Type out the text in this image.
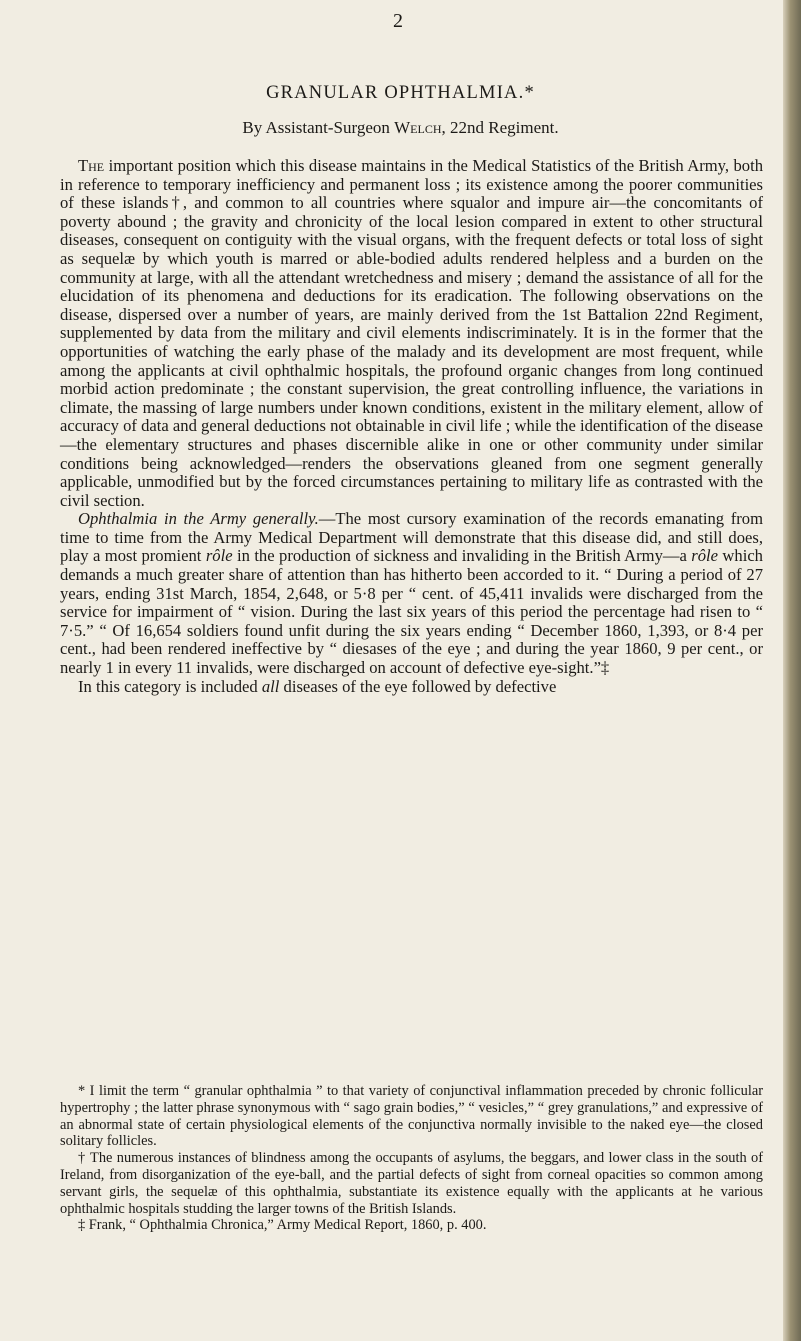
2
GRANULAR OPHTHALMIA.*
By Assistant-Surgeon Welch, 22nd Regiment.

The important position which this disease maintains in the Medical Statistics of the British Army, both in reference to temporary inefficiency and permanent loss ; its existence among the poorer communities of these islands†, and common to all countries where squalor and impure air—the concomitants of poverty abound ; the gravity and chronicity of the local lesion compared in extent to other structural diseases, consequent on contiguity with the visual organs, with the frequent defects or total loss of sight as sequelæ by which youth is marred or able-bodied adults rendered helpless and a burden on the community at large, with all the attendant wretchedness and misery ; demand the assistance of all for the elucidation of its phenomena and deductions for its eradication. The following observations on the disease, dispersed over a number of years, are mainly derived from the 1st Battalion 22nd Regiment, supplemented by data from the military and civil elements indiscriminately. It is in the former that the opportunities of watching the early phase of the malady and its development are most frequent, while among the applicants at civil ophthalmic hospitals, the profound organic changes from long continued morbid action predominate ; the constant supervision, the great controlling influence, the variations in climate, the massing of large numbers under known conditions, existent in the military element, allow of accuracy of data and general deductions not obtainable in civil life ; while the identification of the disease—the elementary structures and phases discernible alike in one or other community under similar conditions being acknowledged—renders the observations gleaned from one segment generally applicable, unmodified but by the forced circumstances pertaining to military life as contrasted with the civil section.

Ophthalmia in the Army generally.—The most cursory examination of the records emanating from time to time from the Army Medical Department will demonstrate that this disease did, and still does, play a most promient rôle in the production of sickness and invaliding in the British Army—a rôle which demands a much greater share of attention than has hitherto been accorded to it. “ During a period of 27 years, ending 31st March, 1854, 2,648, or 5·8 per “ cent. of 45,411 invalids were discharged from the service for impairment of “ vision. During the last six years of this period the percentage had risen to “ 7·5.” “ Of 16,654 soldiers found unfit during the six years ending “ December 1860, 1,393, or 8·4 per cent., had been rendered ineffective by “ diesases of the eye ; and during the year 1860, 9 per cent., or nearly 1 in every 11 invalids, were discharged on account of defective eye-sight.”‡

In this category is included all diseases of the eye followed by defective

* I limit the term “ granular ophthalmia ” to that variety of conjunctival inflammation preceded by chronic follicular hypertrophy ; the latter phrase synonymous with “ sago grain bodies,” “ vesicles,” “ grey granulations,” and expressive of an abnormal state of certain physiological elements of the conjunctiva normally invisible to the naked eye—the closed solitary follicles.

† The numerous instances of blindness among the occupants of asylums, the beggars, and lower class in the south of Ireland, from disorganization of the eye-ball, and the partial defects of sight from corneal opacities so common among servant girls, the sequelæ of this ophthalmia, substantiate its existence equally with the applicants at he various ophthalmic hospitals studding the larger towns of the British Islands.

‡ Frank, “ Ophthalmia Chronica,” Army Medical Report, 1860, p. 400.
